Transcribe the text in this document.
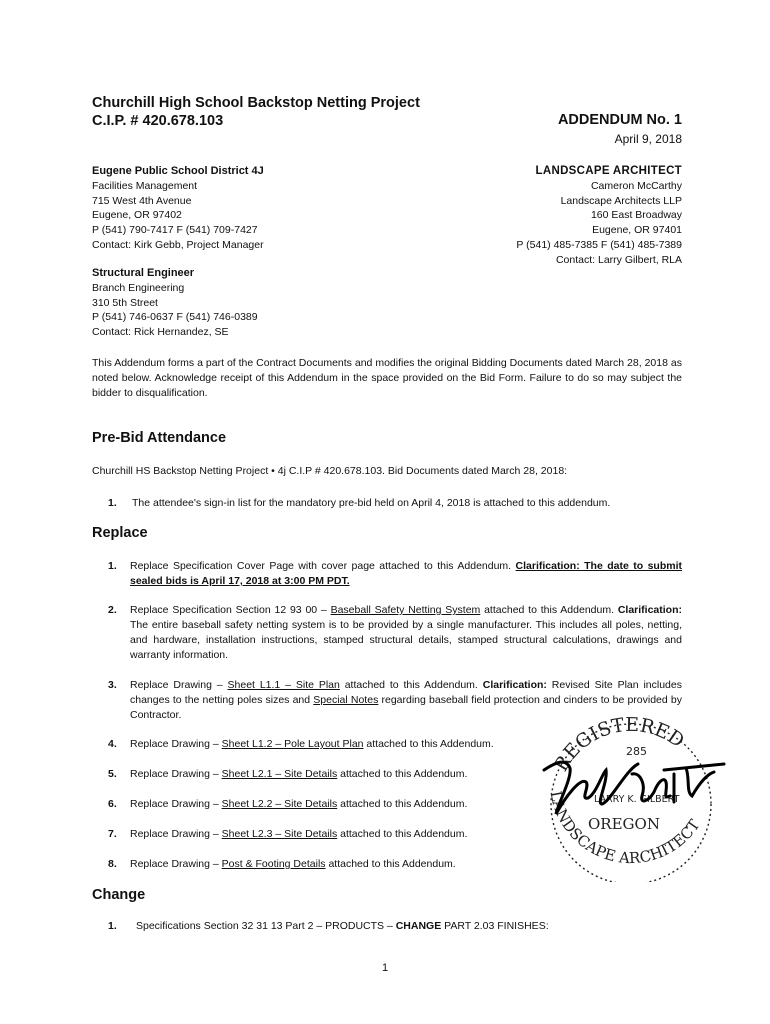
Churchill High School Backstop Netting Project
C.I.P. # 420.678.103	ADDENDUM No. 1
April 9, 2018
Eugene Public School District 4J
Facilities Management
715 West 4th Avenue
Eugene, OR 97402
P (541) 790-7417 F (541) 709-7427
Contact: Kirk Gebb, Project Manager
LANDSCAPE ARCHITECT
Cameron McCarthy
Landscape Architects LLP
160 East Broadway
Eugene, OR 97401
P (541) 485-7385 F (541) 485-7389
Contact: Larry Gilbert, RLA
Structural Engineer
Branch Engineering
310 5th Street
P (541) 746-0637 F (541) 746-0389
Contact: Rick Hernandez, SE
This Addendum forms a part of the Contract Documents and modifies the original Bidding Documents dated March 28, 2018 as noted below. Acknowledge receipt of this Addendum in the space provided on the Bid Form. Failure to do so may subject the bidder to disqualification.
Pre-Bid Attendance
Churchill HS Backstop Netting Project • 4j C.I.P # 420.678.103. Bid Documents dated March 28, 2018:
1. The attendee's sign-in list for the mandatory pre-bid held on April 4, 2018 is attached to this addendum.
Replace
1. Replace Specification Cover Page with cover page attached to this Addendum. Clarification: The date to submit sealed bids is April 17, 2018 at 3:00 PM PDT.
2. Replace Specification Section 12 93 00 – Baseball Safety Netting System attached to this Addendum. Clarification: The entire baseball safety netting system is to be provided by a single manufacturer. This includes all poles, netting, and hardware, installation instructions, stamped structural details, stamped structural calculations, drawings and warranty information.
3. Replace Drawing – Sheet L1.1 – Site Plan attached to this Addendum. Clarification: Revised Site Plan includes changes to the netting poles sizes and Special Notes regarding baseball field protection and cinders to be provided by Contractor.
4. Replace Drawing – Sheet L1.2 – Pole Layout Plan attached to this Addendum.
5. Replace Drawing – Sheet L2.1 – Site Details attached to this Addendum.
6. Replace Drawing – Sheet L2.2 – Site Details attached to this Addendum.
7. Replace Drawing – Sheet L2.3 – Site Details attached to this Addendum.
8. Replace Drawing – Post & Footing Details attached to this Addendum.
Change
1. Specifications Section 32 31 13 Part 2 – PRODUCTS – CHANGE PART 2.03 FINISHES:
REGISTERED
LANDSCAPE ARCHITECT
285
LARRY K. GILBERT
OREGON
1
